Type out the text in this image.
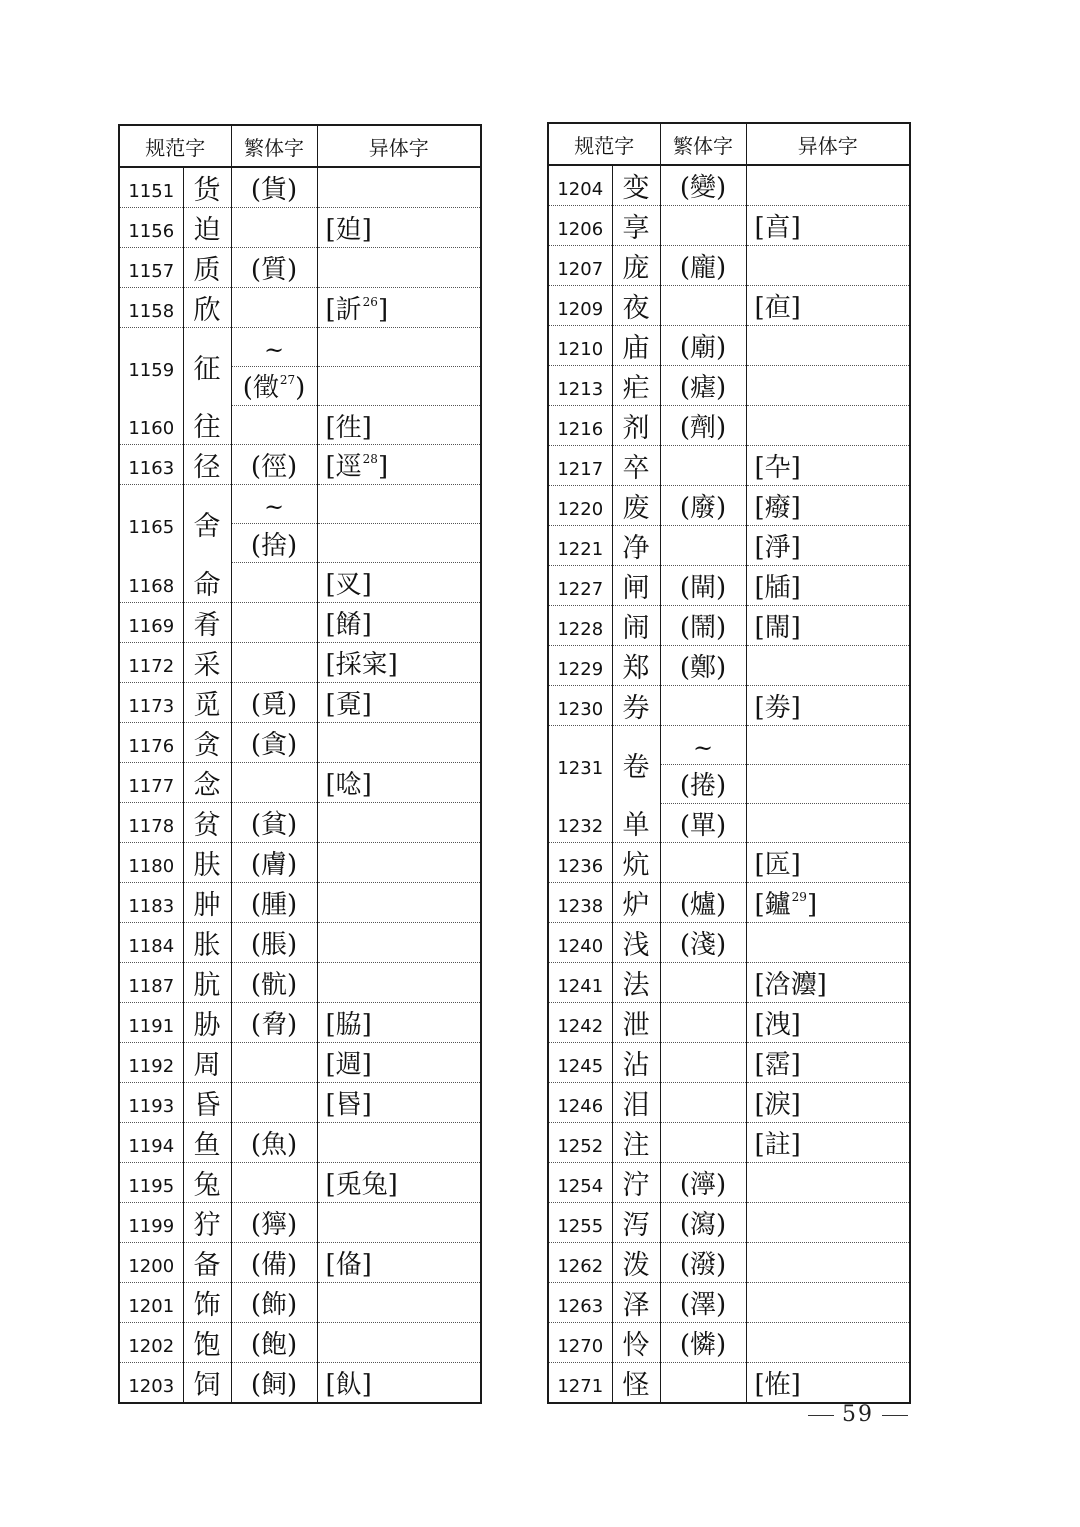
规范字		繁体字	异体字
1151	货	(貨)	
1156	迫		[廹]
1157	质	(質)	
1158	欣		[訢$^{26}$]
1159	征	~	
		(徵$^{27}$)	
1160	往		[徃]
1163	径	(徑)	[逕$^{28}$]
1165	舍	~	
		(捨)	
1168	命		[㕚]
1169	肴		[餚]
1172	采		[採寀]
1173	觅	(覓)	[覔]
1176	贪	(貪)	
1177	念		[唸]
1178	贫	(貧)	
1180	肤	(膚)	
1183	肿	(腫)	
1184	胀	(脹)	
1187	肮	(骯)	
1191	胁	(脅)	[脇]
1192	周		[週]
1193	昏		[昬]
1194	鱼	(魚)	
1195	兔		[兎兔]
1199	狞	(獰)	
1200	备	(備)	[俻]
1201	饰	(飾)	
1202	饱	(飽)	
1203	饲	(飼)	[飤]
规范字		繁体字	异体字
1204	变	(變)	
1206	享		[亯]
1207	庞	(龐)	
1209	夜		[亱]
1210	庙	(廟)	
1213	疟	(瘧)	
1216	剂	(劑)	
1217	卒		[卆]
1220	废	(廢)	[癈]
1221	净		[淨]
1227	闸	(閘)	[牐]
1228	闹	(鬧)	[閙]
1229	郑	(鄭)	
1230	券		[劵]
1231	卷	~	
		(捲)	
1232	单	(單)	
1236	炕		[匟]
1238	炉	(爐)	[鑪$^{29}$]
1240	浅	(淺)	
1241	法		[浛灋]
1242	泄		[洩]
1245	沾		[霑]
1246	泪		[淚]
1252	注		[註]
1254	泞	(濘)	
1255	泻	(瀉)	
1262	泼	(潑)	
1263	泽	(澤)	
1270	怜	(憐)	
1271	怪		[恠]
59
